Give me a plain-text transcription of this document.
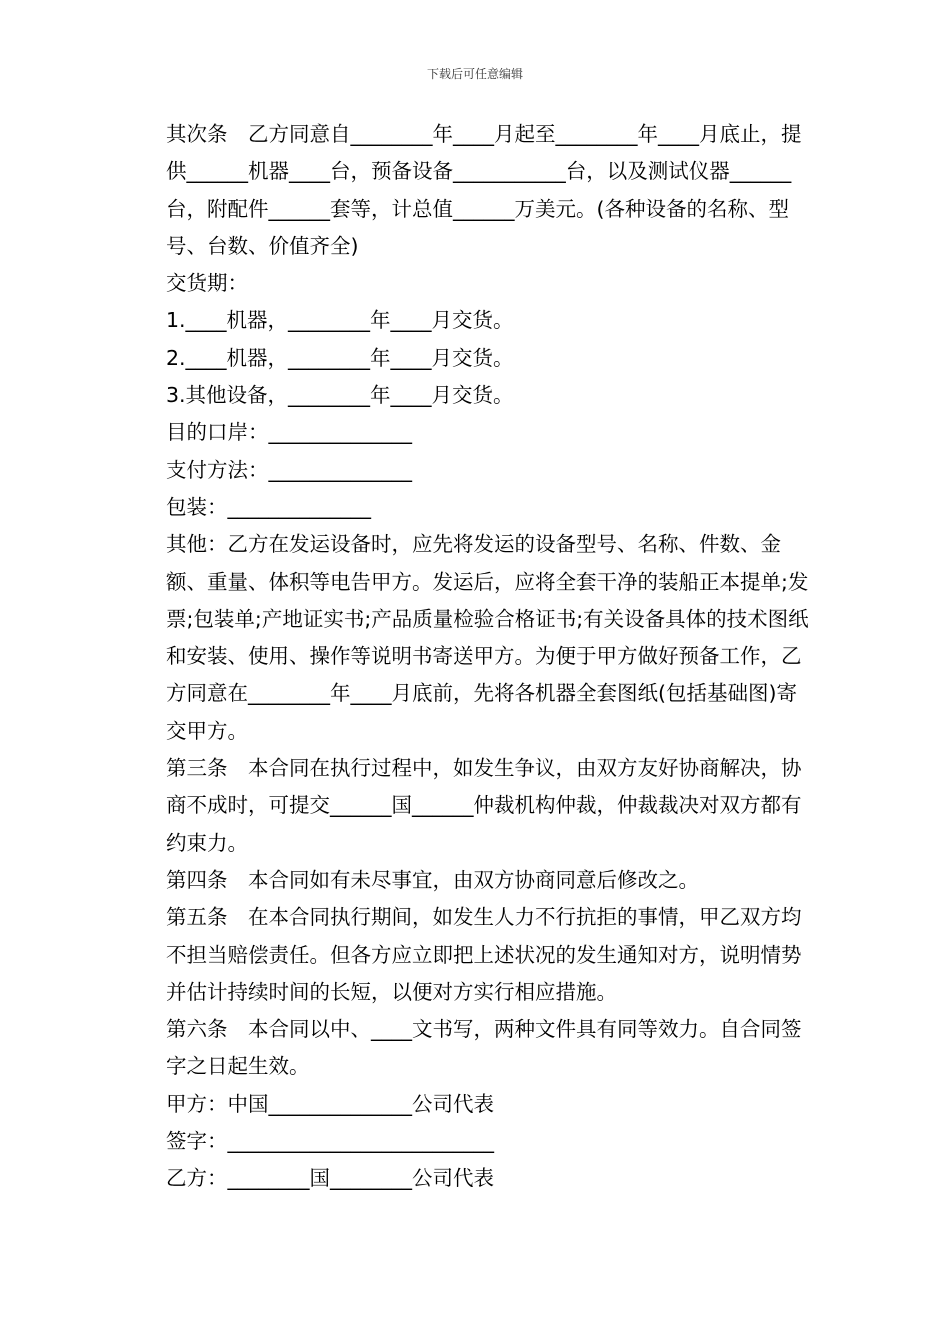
下载后可任意编辑

其次条　乙方同意自________年____月起至________年____月底止，提供______机器____台，预备设备___________台，以及测试仪器______台，附配件______套等，计总值______万美元。(各种设备的名称、型号、台数、价值齐全)

交货期：

1.____机器，________年____月交货。

2.____机器，________年____月交货。

3.其他设备，________年____月交货。

目的口岸：______________

支付方法：______________

包装：______________

其他：乙方在发运设备时，应先将发运的设备型号、名称、件数、金额、重量、体积等电告甲方。发运后，应将全套干净的装船正本提单;发票;包装单;产地证实书;产品质量检验合格证书;有关设备具体的技术图纸和安装、使用、操作等说明书寄送甲方。为便于甲方做好预备工作，乙方同意在________年____月底前，先将各机器全套图纸(包括基础图)寄交甲方。

第三条　本合同在执行过程中，如发生争议，由双方友好协商解决，协商不成时，可提交______国______仲裁机构仲裁，仲裁裁决对双方都有约束力。

第四条　本合同如有未尽事宜，由双方协商同意后修改之。

第五条　在本合同执行期间，如发生人力不行抗拒的事情，甲乙双方均不担当赔偿责任。但各方应立即把上述状况的发生通知对方，说明情势并估计持续时间的长短，以便对方实行相应措施。

第六条　本合同以中、____文书写，两种文件具有同等效力。自合同签字之日起生效。

甲方：中国______________公司代表

签字：__________________________

乙方：________国________公司代表
